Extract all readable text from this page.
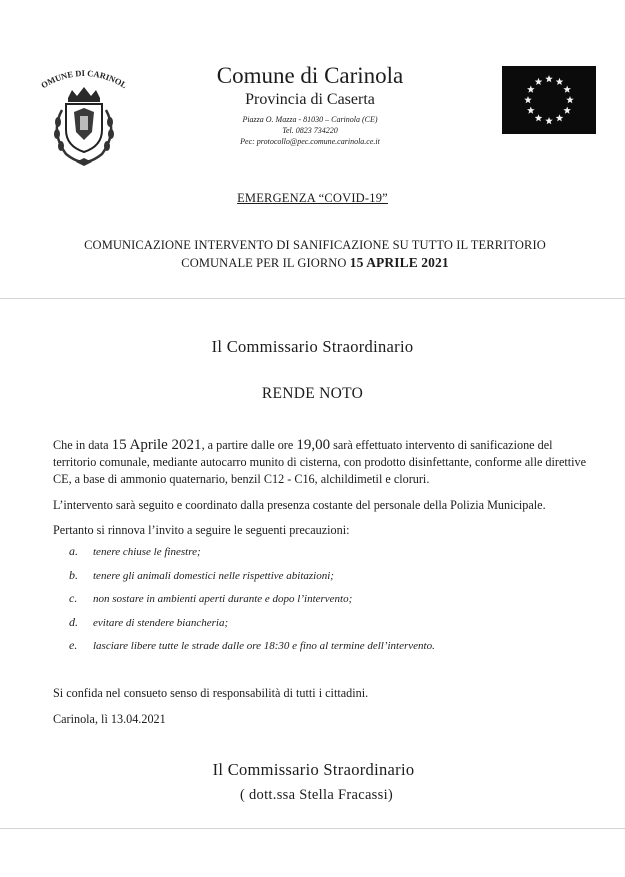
OMUNE DI CARINOL	Comune di Carinola
Provincia di Caserta
Piazza O. Mazza - 81030 – Carinola (CE)
Tel. 0823 734220
Pec: protocollo@pec.comune.carinola.ce.it
EMERGENZA “COVID-19”
COMUNICAZIONE INTERVENTO DI SANIFICAZIONE SU TUTTO IL TERRITORIO
COMUNALE PER IL GIORNO 15 APRILE 2021
Il Commissario Straordinario
RENDE NOTO

Che in data 15 Aprile 2021, a partire dalle ore 19,00 sarà effettuato intervento di sanificazione del territorio comunale, mediante autocarro munito di cisterna, con prodotto disinfettante, conforme alle direttive CE, a base di ammonio quaternario, benzil C12 - C16, alchildimetil e cloruri.

L’intervento sarà seguito e coordinato dalla presenza costante del personale della Polizia Municipale.

Pertanto si rinnova l’invito a seguire le seguenti precauzioni:

a. tenere chiuse le finestre;
b. tenere gli animali domestici nelle rispettive abitazioni;
c. non sostare in ambienti aperti durante e dopo l’intervento;
d. evitare di stendere biancheria;
e. lasciare libere tutte le strade dalle ore 18:30 e fino al termine dell’intervento.
Si confida nel consueto senso di responsabilità di tutti i cittadini.
Carinola, lì 13.04.2021
Il Commissario Straordinario
( dott.ssa Stella Fracassi)
